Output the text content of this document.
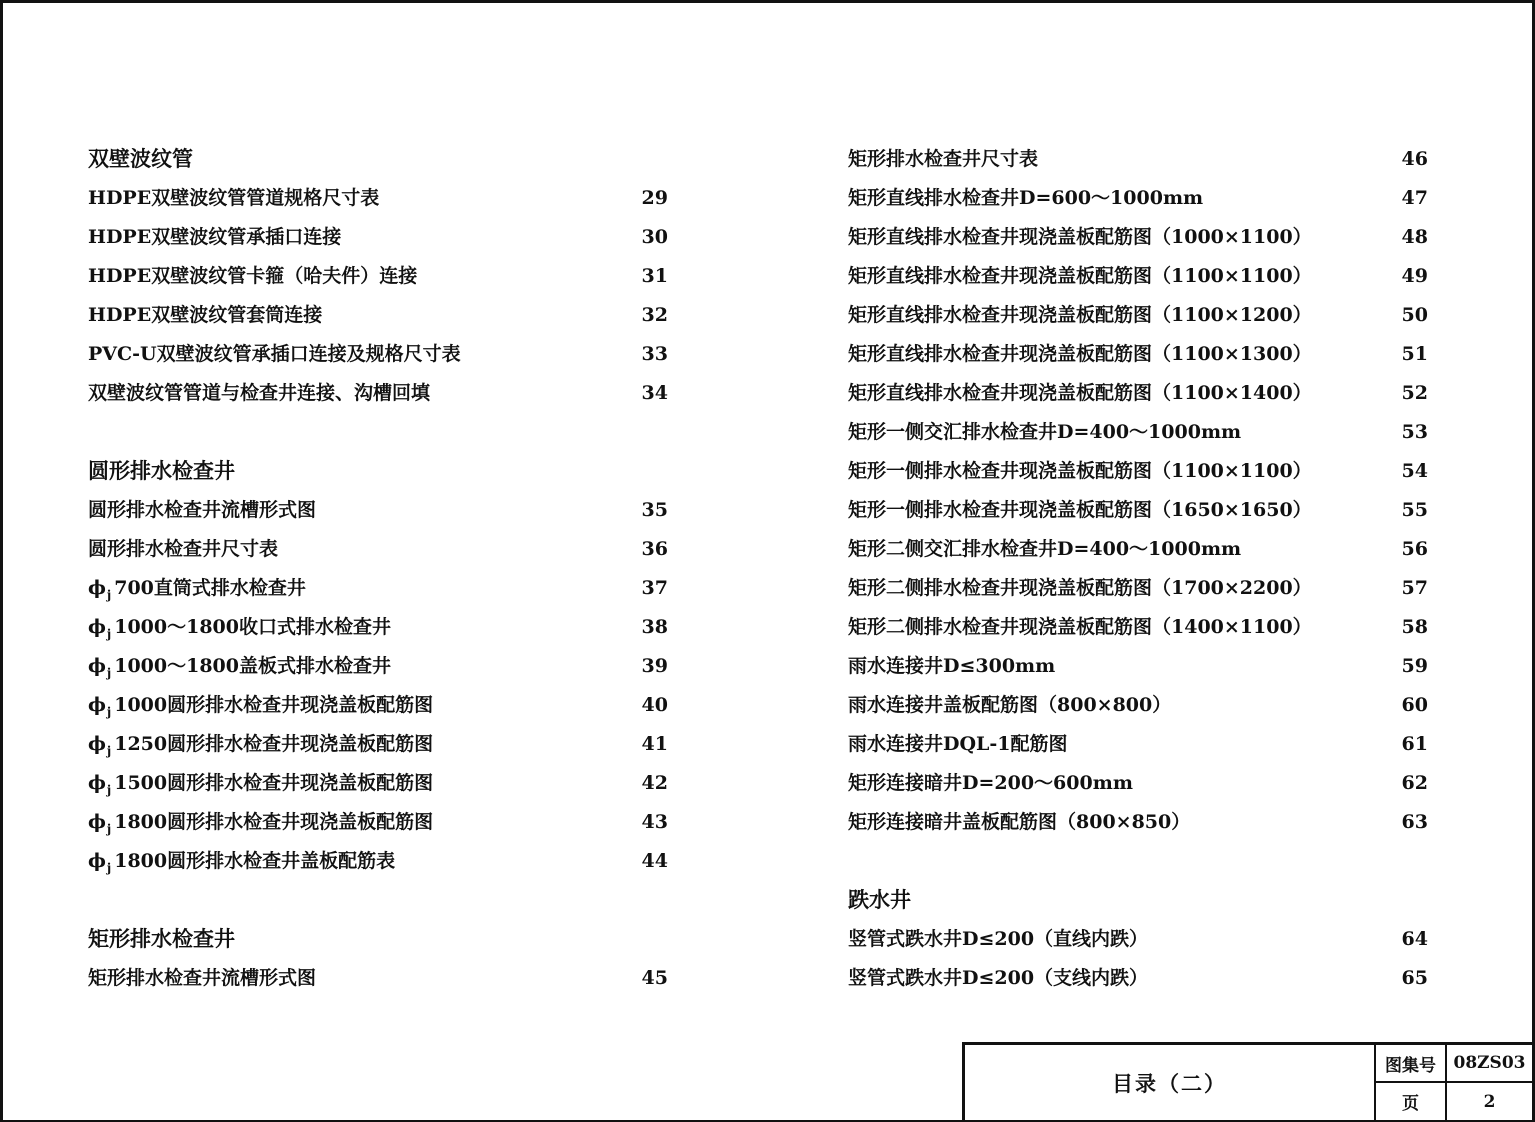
双壁波纹管
HDPE双壁波纹管管道规格尺寸表	29
HDPE双壁波纹管承插口连接	30
HDPE双壁波纹管卡箍（哈夫件）连接	31
HDPE双壁波纹管套筒连接	32
PVC-U双壁波纹管承插口连接及规格尺寸表	33
双壁波纹管管道与检查井连接、沟槽回填	34
圆形排水检查井
圆形排水检查井流槽形式图	35
圆形排水检查井尺寸表	36
$\phi_j$ 700直筒式排水检查井	37
$\phi_j$ 1000～1800收口式排水检查井	38
$\phi_j$ 1000～1800盖板式排水检查井	39
$\phi_j$ 1000圆形排水检查井现浇盖板配筋图	40
$\phi_j$ 1250圆形排水检查井现浇盖板配筋图	41
$\phi_j$ 1500圆形排水检查井现浇盖板配筋图	42
$\phi_j$ 1800圆形排水检查井现浇盖板配筋图	43
$\phi_j$ 1800圆形排水检查井盖板配筋表	44
矩形排水检查井
矩形排水检查井流槽形式图	45
矩形排水检查井尺寸表	46
矩形直线排水检查井D=600～1000mm	47
矩形直线排水检查井现浇盖板配筋图（1000×1100）	48
矩形直线排水检查井现浇盖板配筋图（1100×1100）	49
矩形直线排水检查井现浇盖板配筋图（1100×1200）	50
矩形直线排水检查井现浇盖板配筋图（1100×1300）	51
矩形直线排水检查井现浇盖板配筋图（1100×1400）	52
矩形一侧交汇排水检查井D=400～1000mm	53
矩形一侧排水检查井现浇盖板配筋图（1100×1100）	54
矩形一侧排水检查井现浇盖板配筋图（1650×1650）	55
矩形二侧交汇排水检查井D=400～1000mm	56
矩形二侧排水检查井现浇盖板配筋图（1700×2200）	57
矩形二侧排水检查井现浇盖板配筋图（1400×1100）	58
雨水连接井D≤300mm	59
雨水连接井盖板配筋图（800×800）	60
雨水连接井DQL-1配筋图	61
矩形连接暗井D=200～600mm	62
矩形连接暗井盖板配筋图（800×850）	63
跌水井
竖管式跌水井D≤200（直线内跌）	64
竖管式跌水井D≤200（支线内跌）	65
目录（二）
图集号	08ZS03
页	2
